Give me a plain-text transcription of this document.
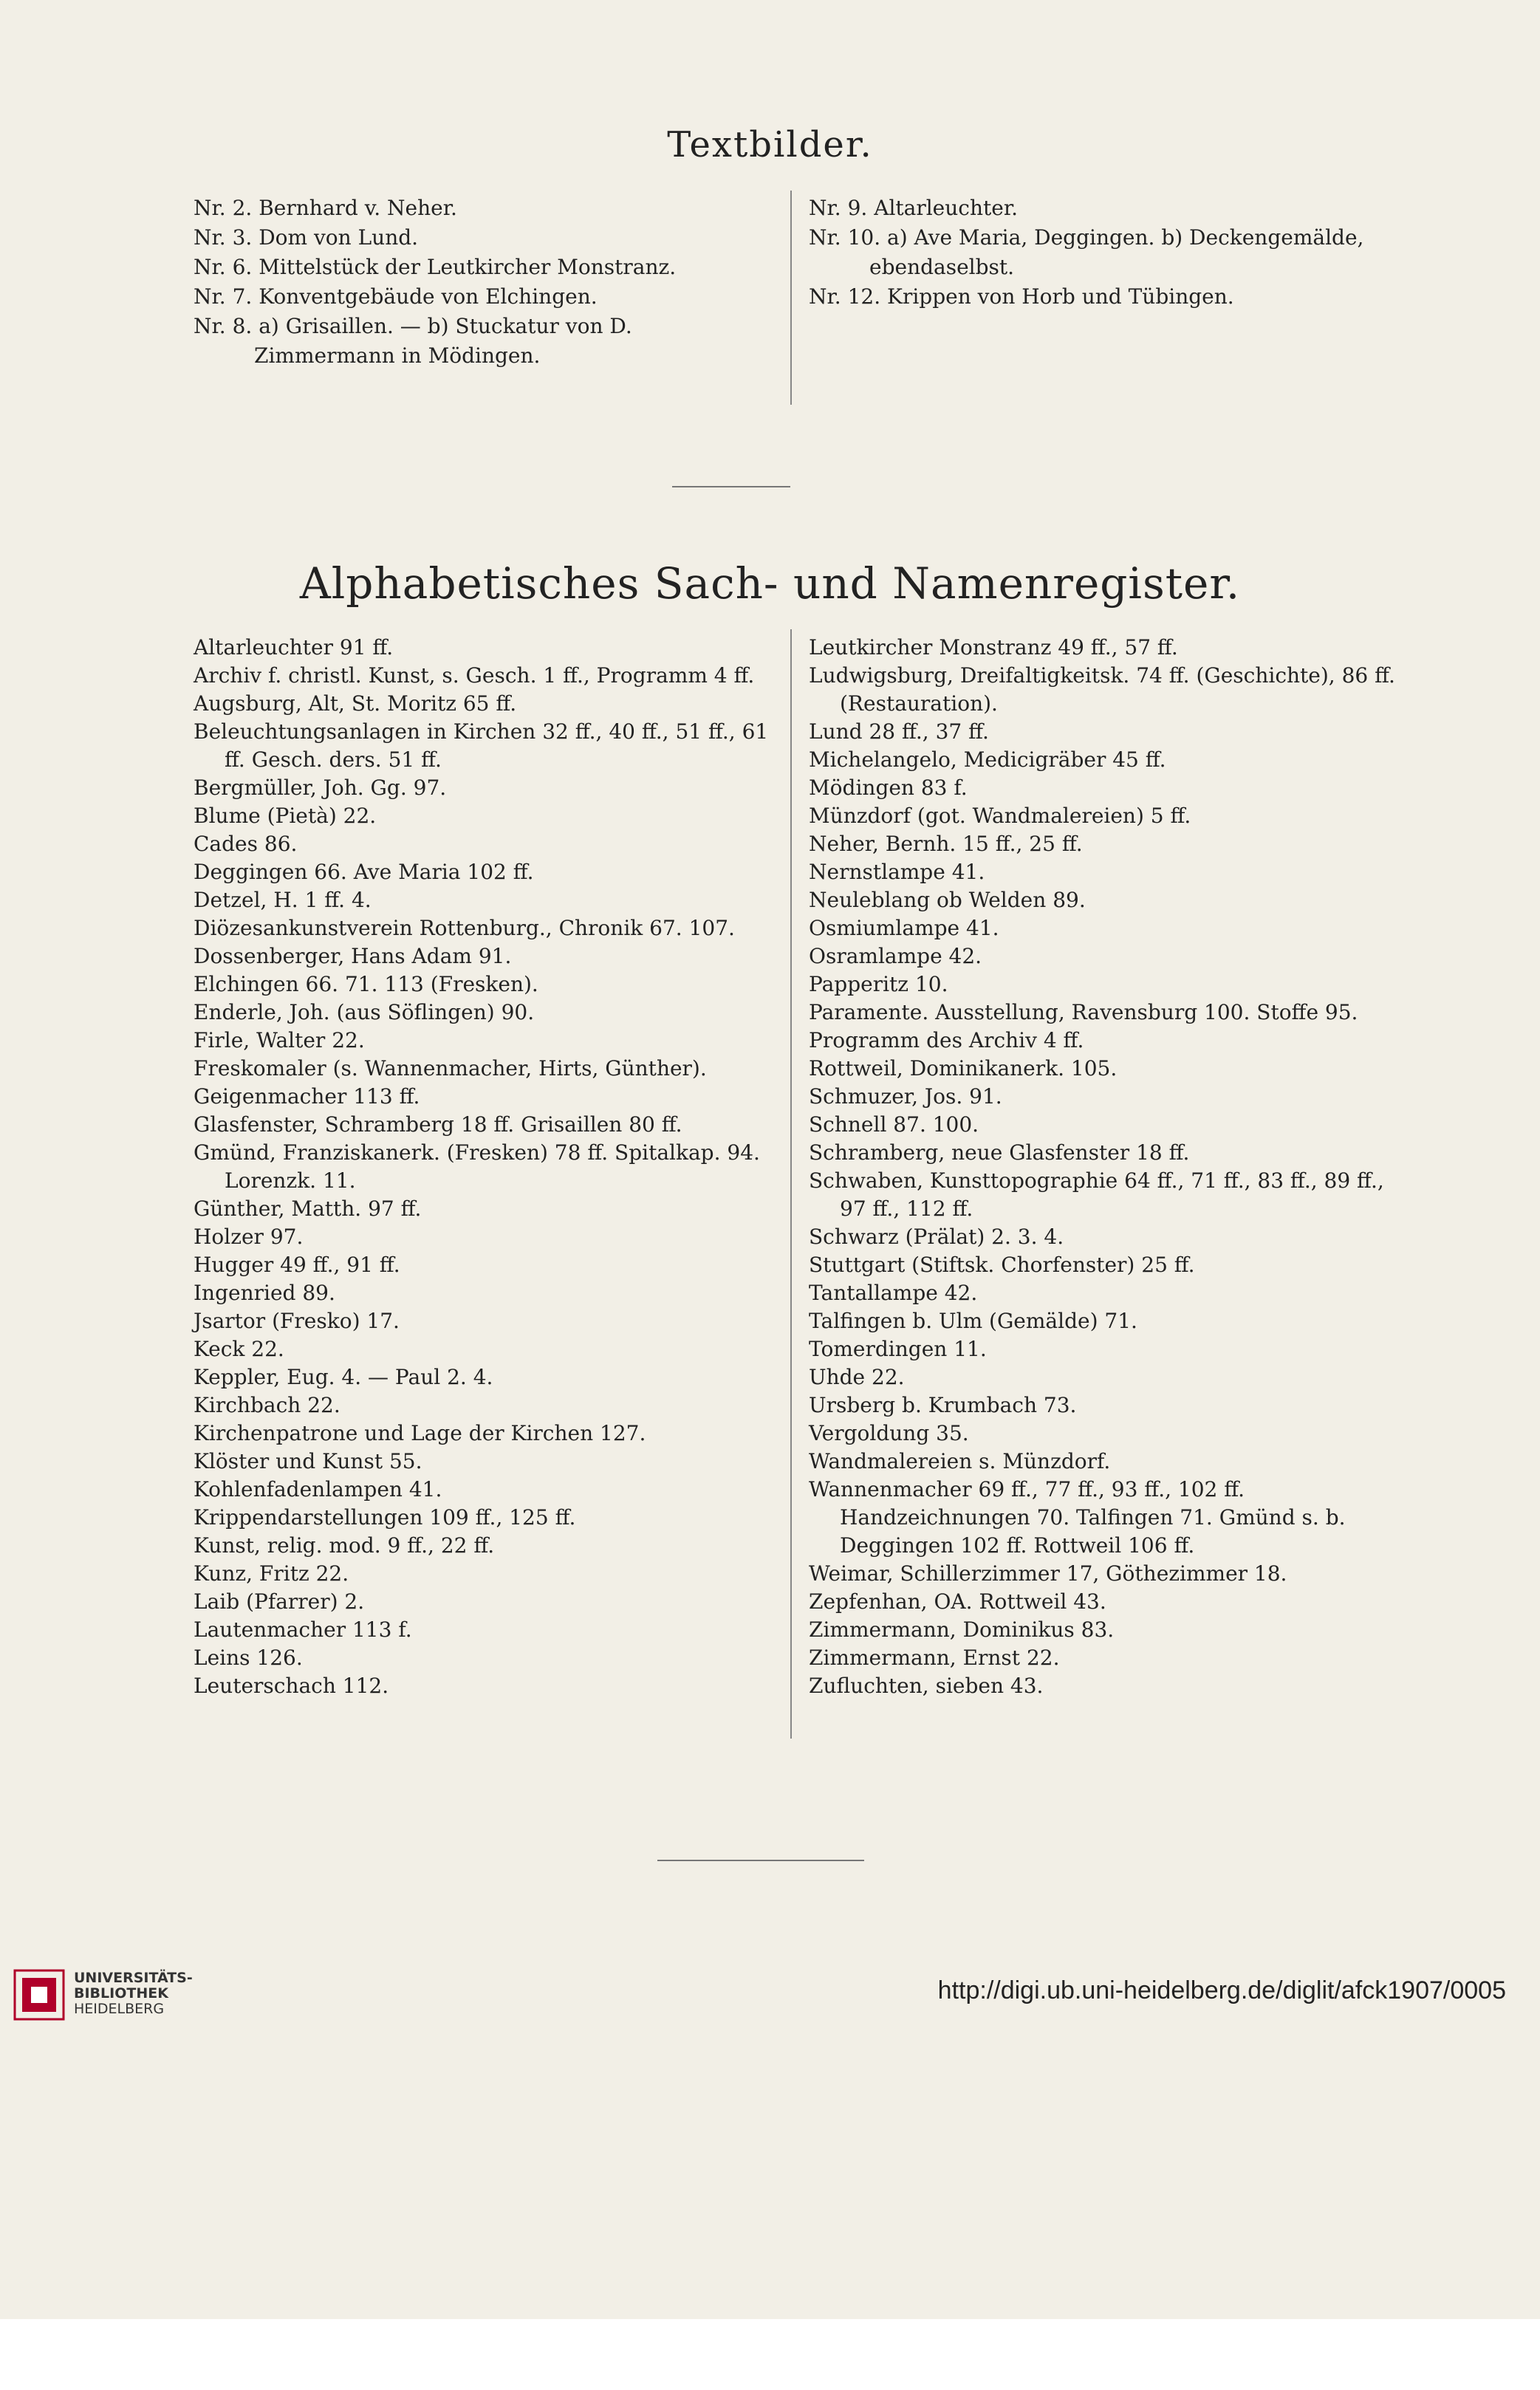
Textbilder.
Nr. 2. Bernhard v. Neher.
Nr. 3. Dom von Lund.
Nr. 6. Mittelstück der Leutkircher Monstranz.
Nr. 7. Konventgebäude von Elchingen.
Nr. 8. a) Grisaillen. — b) Stuckatur von D. Zimmermann in Mödingen.
Nr. 9. Altarleuchter.
Nr. 10. a) Ave Maria, Deggingen. b) Deckengemälde, ebendaselbst.
Nr. 12. Krippen von Horb und Tübingen.
Alphabetisches Sach- und Namenregister.
Altarleuchter 91 ff.
Archiv f. christl. Kunst, s. Gesch. 1 ff., Programm 4 ff.
Augsburg, Alt, St. Moritz 65 ff.
Beleuchtungsanlagen in Kirchen 32 ff., 40 ff., 51 ff., 61 ff. Gesch. ders. 51 ff.
Bergmüller, Joh. Gg. 97.
Blume (Pietà) 22.
Cades 86.
Deggingen 66. Ave Maria 102 ff.
Detzel, H. 1 ff. 4.
Diözesankunstverein Rottenburg., Chronik 67. 107.
Dossenberger, Hans Adam 91.
Elchingen 66. 71. 113 (Fresken).
Enderle, Joh. (aus Söflingen) 90.
Firle, Walter 22.
Freskomaler (s. Wannenmacher, Hirts, Günther).
Geigenmacher 113 ff.
Glasfenster, Schramberg 18 ff. Grisaillen 80 ff.
Gmünd, Franziskanerk. (Fresken) 78 ff. Spitalkap. 94. Lorenzk. 11.
Günther, Matth. 97 ff.
Holzer 97.
Hugger 49 ff., 91 ff.
Ingenried 89.
Jsartor (Fresko) 17.
Keck 22.
Keppler, Eug. 4. — Paul 2. 4.
Kirchbach 22.
Kirchenpatrone und Lage der Kirchen 127.
Klöster und Kunst 55.
Kohlenfadenlampen 41.
Krippendarstellungen 109 ff., 125 ff.
Kunst, relig. mod. 9 ff., 22 ff.
Kunz, Fritz 22.
Laib (Pfarrer) 2.
Lautenmacher 113 f.
Leins 126.
Leuterschach 112.
Leutkircher Monstranz 49 ff., 57 ff.
Ludwigsburg, Dreifaltigkeitsk. 74 ff. (Geschichte), 86 ff. (Restauration).
Lund 28 ff., 37 ff.
Michelangelo, Medicigräber 45 ff.
Mödingen 83 f.
Münzdorf (got. Wandmalereien) 5 ff.
Neher, Bernh. 15 ff., 25 ff.
Nernstlampe 41.
Neuleblang ob Welden 89.
Osmiumlampe 41.
Osramlampe 42.
Papperitz 10.
Paramente. Ausstellung, Ravensburg 100. Stoffe 95.
Programm des Archiv 4 ff.
Rottweil, Dominikanerk. 105.
Schmuzer, Jos. 91.
Schnell 87. 100.
Schramberg, neue Glasfenster 18 ff.
Schwaben, Kunsttopographie 64 ff., 71 ff., 83 ff., 89 ff., 97 ff., 112 ff.
Schwarz (Prälat) 2. 3. 4.
Stuttgart (Stiftsk. Chorfenster) 25 ff.
Tantallampe 42.
Talfingen b. Ulm (Gemälde) 71.
Tomerdingen 11.
Uhde 22.
Ursberg b. Krumbach 73.
Vergoldung 35.
Wandmalereien s. Münzdorf.
Wannenmacher 69 ff., 77 ff., 93 ff., 102 ff. Handzeichnungen 70. Talfingen 71. Gmünd s. b. Deggingen 102 ff. Rottweil 106 ff.
Weimar, Schillerzimmer 17, Göthezimmer 18.
Zepfenhan, OA. Rottweil 43.
Zimmermann, Dominikus 83.
Zimmermann, Ernst 22.
Zufluchten, sieben 43.
UNIVERSITÄTS-
BIBLIOTHEK
HEIDELBERG
http://digi.ub.uni-heidelberg.de/diglit/afck1907/0005
